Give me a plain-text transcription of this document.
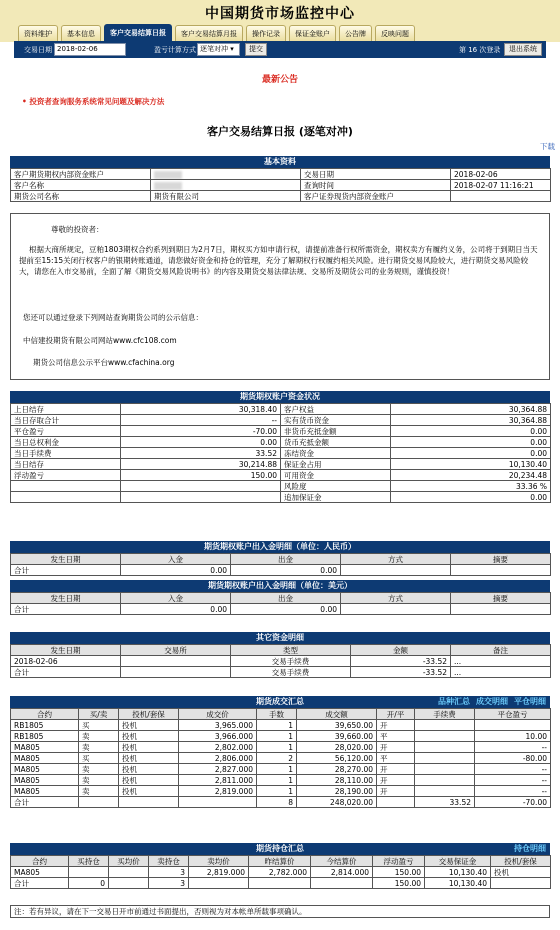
中国期货市场监控中心
资料维护	基本信息	客户交易结算日报	客户交易结算月报	操作记录	保证金账户	公告牌	反映问题
交易日期 2018-02-06	盈亏计算方式 逐笔对冲 ▾	提交	第 16 次登录	退出系统
最新公告
• 投资者查询服务系统常见问题及解决方法
客户交易结算日报 (逐笔对冲)
下载
基本资料
客户期货期权内部资金账户		交易日期	2018-02-06
客户名称		查询时间	2018-02-07 11:16:21
期货公司名称	期货有限公司	客户证券现货内部资金账户	

尊敬的投资者：

根据大商所规定，豆粕1803期权合约系列到期日为2月7日，期权买方如申请行权，请提前准备行权所需资金，期权卖方有履约义务，公司将于到期日当天提前至15:15关闭行权客户的银期转账通道，请您做好资金和持仓的管理，充分了解期权行权履约相关风险。进行期货交易风险较大，进行期货交易风险较大，请您在入市交易前，全面了解《期货交易风险说明书》的内容及期货交易法律法规、交易所及期货公司的业务规则，谨慎投资！

您还可以通过登录下列网站查询期货公司的公示信息：

中信建投期货有限公司网站www.cfc108.com

期货公司信息公示平台www.cfachina.org

期货期权账户资金状况
上日结存	30,318.40	客户权益	30,364.88
当日存取合计	--	实有货币资金	30,364.88
平仓盈亏	-70.00	非货币充抵金额	0.00
当日总权利金	0.00	货币充抵金额	0.00
当日手续费	33.52	冻结资金	0.00
当日结存	30,214.88	保证金占用	10,130.40
浮动盈亏	150.00	可用资金	20,234.48
		风险度	33.36 %
		追加保证金	0.00
期货期权账户出入金明细（单位：人民币）
发生日期	入金	出金	方式	摘要
合计	0.00	0.00		
期货期权账户出入金明细（单位：美元）
发生日期	入金	出金	方式	摘要
合计	0.00	0.00		
其它资金明细
发生日期	交易所	类型	金额	备注
2018-02-06		交易手续费	-33.52	...
合计		交易手续费	-33.52	...
期货成交汇总	品种汇总 成交明细 平仓明细
合约	买/卖	投机/套保	成交价	手数	成交额	开/平	手续费	平仓盈亏
RB1805	买	投机	3,965.000	1	39,650.00	开		
RB1805	卖	投机	3,966.000	1	39,660.00	平		10.00
MA805	卖	投机	2,802.000	1	28,020.00	开		--
MA805	买	投机	2,806.000	2	56,120.00	平		-80.00
MA805	卖	投机	2,827.000	1	28,270.00	开		--
MA805	卖	投机	2,811.000	1	28,110.00	开		--
MA805	卖	投机	2,819.000	1	28,190.00	开		--
合计				8	248,020.00		33.52	-70.00
期货持仓汇总	持仓明细
合约	买持仓	买均价	卖持仓	卖均价	昨结算价	今结算价	浮动盈亏	交易保证金	投机/套保
MA805			3	2,819.000	2,782.000	2,814.000	150.00	10,130.40	投机
合计	0		3				150.00	10,130.40	
注：若有异议，请在下一交易日开市前通过书面提出，否则视为对本帐单所载事项确认。
